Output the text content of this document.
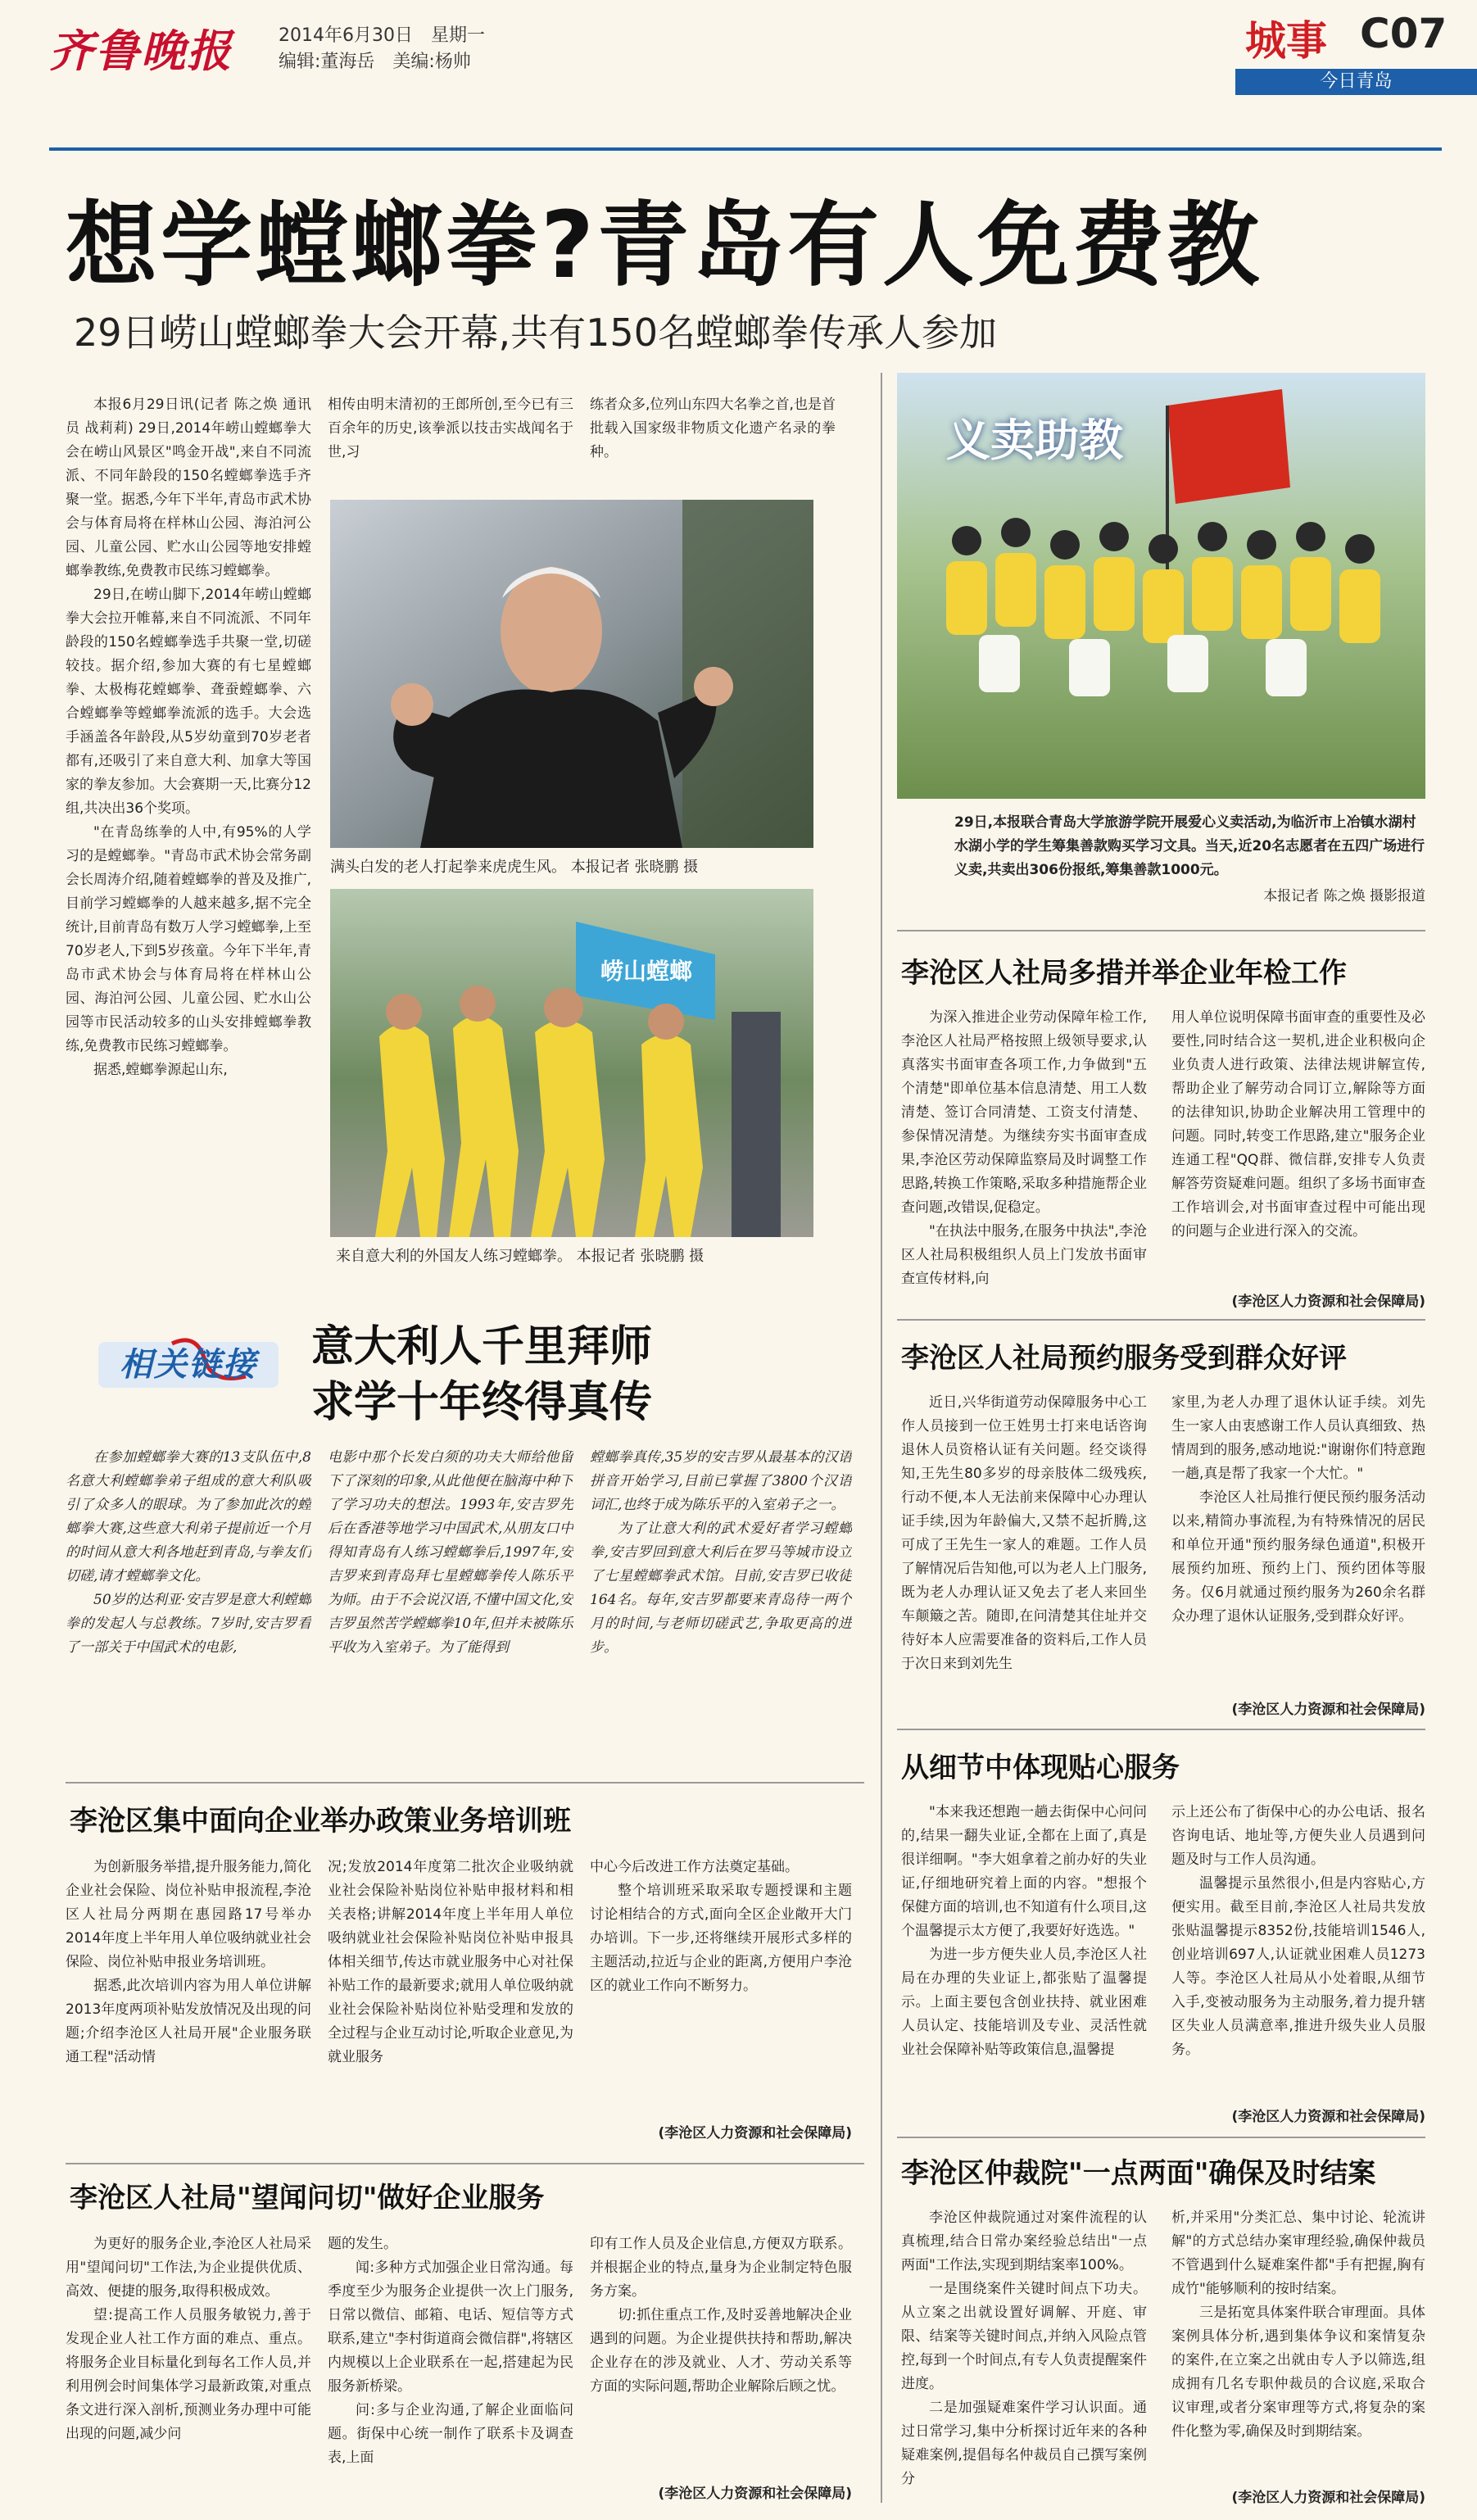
齐鲁晚报	2014年6月30日 星期一
编辑:董海岳 美编:杨帅	城事 C07
今日青岛
想学螳螂拳?青岛有人免费教
29日崂山螳螂拳大会开幕,共有150名螳螂拳传承人参加

本报6月29日讯(记者 陈之焕 通讯员 战莉莉) 29日,2014年崂山螳螂拳大会在崂山风景区"鸣金开战",来自不同流派、不同年龄段的150名螳螂拳选手齐聚一堂。据悉,今年下半年,青岛市武术协会与体育局将在样林山公园、海泊河公园、儿童公园、贮水山公园等地安排螳螂拳教练,免费教市民练习螳螂拳。

29日,在崂山脚下,2014年崂山螳螂拳大会拉开帷幕,来自不同流派、不同年龄段的150名螳螂拳选手共聚一堂,切磋较技。据介绍,参加大赛的有七星螳螂拳、太极梅花螳螂拳、聋蚕螳螂拳、六合螳螂拳等螳螂拳流派的选手。大会选手涵盖各年龄段,从5岁幼童到70岁老者都有,还吸引了来自意大利、加拿大等国家的拳友参加。大会赛期一天,比赛分12组,共决出36个奖项。

"在青岛练拳的人中,有95%的人学习的是螳螂拳。"青岛市武术协会常务副会长周涛介绍,随着螳螂拳的普及及推广,目前学习螳螂拳的人越来越多,据不完全统计,目前青岛有数万人学习螳螂拳,上至70岁老人,下到5岁孩童。今年下半年,青岛市武术协会与体育局将在样林山公园、海泊河公园、儿童公园、贮水山公园等市民活动较多的山头安排螳螂拳教练,免费教市民练习螳螂拳。

据悉,螳螂拳源起山东,

相传由明末清初的王郎所创,至今已有三百余年的历史,该拳派以技击实战闻名于世,习

练者众多,位列山东四大名拳之首,也是首批载入国家级非物质文化遗产名录的拳种。

满头白发的老人打起拳来虎虎生风。 本报记者 张晓鹏 摄
崂山螳螂
来自意大利的外国友人练习螳螂拳。 本报记者 张晓鹏 摄
义卖助教
29日,本报联合青岛大学旅游学院开展爱心义卖活动,为临沂市上冶镇水湖村水湖小学的学生筹集善款购买学习文具。当天,近20名志愿者在五四广场进行义卖,共卖出306份报纸,筹集善款1000元。
本报记者 陈之焕 摄影报道
李沧区人社局多措并举企业年检工作

为深入推进企业劳动保障年检工作,李沧区人社局严格按照上级领导要求,认真落实书面审查各项工作,力争做到"五个清楚"即单位基本信息清楚、用工人数清楚、签订合同清楚、工资支付清楚、参保情况清楚。为继续夯实书面审查成果,李沧区劳动保障监察局及时调整工作思路,转换工作策略,采取多种措施帮企业查问题,改错误,促稳定。

"在执法中服务,在服务中执法",李沧区人社局积极组织人员上门发放书面审查宣传材料,向

用人单位说明保障书面审查的重要性及必要性,同时结合这一契机,进企业积极向企业负责人进行政策、法律法规讲解宣传,帮助企业了解劳动合同订立,解除等方面的法律知识,协助企业解决用工管理中的问题。同时,转变工作思路,建立"服务企业连通工程"QQ群、微信群,安排专人负责解答劳资疑难问题。组织了多场书面审查工作培训会,对书面审查过程中可能出现的问题与企业进行深入的交流。

(李沧区人力资源和社会保障局)
李沧区人社局预约服务受到群众好评

近日,兴华街道劳动保障服务中心工作人员接到一位王姓男士打来电话咨询退休人员资格认证有关问题。经交谈得知,王先生80多岁的母亲肢体二级残疾,行动不便,本人无法前来保障中心办理认证手续,因为年龄偏大,又禁不起折腾,这可成了王先生一家人的难题。工作人员了解情况后告知他,可以为老人上门服务,既为老人办理认证又免去了老人来回坐车颠簸之苦。随即,在问清楚其住址并交待好本人应需要准备的资料后,工作人员于次日来到刘先生

家里,为老人办理了退休认证手续。刘先生一家人由衷感谢工作人员认真细致、热情周到的服务,感动地说:"谢谢你们特意跑一趟,真是帮了我家一个大忙。"

李沧区人社局推行便民预约服务活动以来,精简办事流程,为有特殊情况的居民和单位开通"预约服务绿色通道",积极开展预约加班、预约上门、预约团体等服务。仅6月就通过预约服务为260余名群众办理了退休认证服务,受到群众好评。

(李沧区人力资源和社会保障局)
从细节中体现贴心服务

"本来我还想跑一趟去街保中心问问的,结果一翻失业证,全都在上面了,真是很详细啊。"李大姐拿着之前办好的失业证,仔细地研究着上面的内容。"想报个保健方面的培训,也不知道有什么项目,这个温馨提示太方便了,我要好好选选。"

为进一步方便失业人员,李沧区人社局在办理的失业证上,都张贴了温馨提示。上面主要包含创业扶持、就业困难人员认定、技能培训及专业、灵活性就业社会保障补贴等政策信息,温馨提

示上还公布了街保中心的办公电话、报名咨询电话、地址等,方便失业人员遇到问题及时与工作人员沟通。

温馨提示虽然很小,但是内容贴心,方便实用。截至目前,李沧区人社局共发放张贴温馨提示8352份,技能培训1546人,创业培训697人,认证就业困难人员1273人等。李沧区人社局从小处着眼,从细节入手,变被动服务为主动服务,着力提升辖区失业人员满意率,推进升级失业人员服务。

(李沧区人力资源和社会保障局)
李沧区仲裁院"一点两面"确保及时结案

李沧区仲裁院通过对案件流程的认真梳理,结合日常办案经验总结出"一点两面"工作法,实现到期结案率100%。

一是围绕案件关键时间点下功夫。从立案之出就设置好调解、开庭、审限、结案等关键时间点,并纳入风险点管控,每到一个时间点,有专人负责提醒案件进度。

二是加强疑难案件学习认识面。通过日常学习,集中分析探讨近年来的各种疑难案例,提倡每名仲裁员自己撰写案例分

析,并采用"分类汇总、集中讨论、轮流讲解"的方式总结办案审理经验,确保仲裁员不管遇到什么疑难案件都"手有把握,胸有成竹"能够顺利的按时结案。

三是拓宽具体案件联合审理面。具体案例具体分析,遇到集体争议和案情复杂的案件,在立案之出就由专人予以筛选,组成拥有几名专职仲裁员的合议庭,采取合议审理,或者分案审理等方式,将复杂的案件化整为零,确保及时到期结案。

(李沧区人力资源和社会保障局)
相关链接	意大利人千里拜师
求学十年终得真传

在参加螳螂拳大赛的13支队伍中,8名意大利螳螂拳弟子组成的意大利队吸引了众多人的眼球。为了参加此次的螳螂拳大赛,这些意大利弟子提前近一个月的时间从意大利各地赶到青岛,与拳友们切磋,请才螳螂拳文化。

50岁的达利亚·安吉罗是意大利螳螂拳的发起人与总教练。7岁时,安吉罗看了一部关于中国武术的电影,

电影中那个长发白须的功夫大师给他留下了深刻的印象,从此他便在脑海中种下了学习功夫的想法。1993年,安吉罗先后在香港等地学习中国武术,从朋友口中得知青岛有人练习螳螂拳后,1997年,安吉罗来到青岛拜七星螳螂拳传人陈乐平为师。由于不会说汉语,不懂中国文化,安吉罗虽然苦学螳螂拳10年,但并未被陈乐平收为入室弟子。为了能得到

螳螂拳真传,35岁的安吉罗从最基本的汉语拼音开始学习,目前已掌握了3800个汉语词汇,也终于成为陈乐平的入室弟子之一。

为了让意大利的武术爱好者学习螳螂拳,安吉罗回到意大利后在罗马等城市设立了七星螳螂拳武术馆。目前,安吉罗已收徒164名。每年,安吉罗都要来青岛待一两个月的时间,与老师切磋武艺,争取更高的进步。

李沧区集中面向企业举办政策业务培训班

为创新服务举措,提升服务能力,简化企业社会保险、岗位补贴申报流程,李沧区人社局分两期在惠园路17号举办2014年度上半年用人单位吸纳就业社会保险、岗位补贴申报业务培训班。

据悉,此次培训内容为用人单位讲解2013年度两项补贴发放情况及出现的问题;介绍李沧区人社局开展"企业服务联通工程"活动情

况;发放2014年度第二批次企业吸纳就业社会保险补贴岗位补贴申报材料和相关表格;讲解2014年度上半年用人单位吸纳就业社会保险补贴岗位补贴申报具体相关细节,传达市就业服务中心对社保补贴工作的最新要求;就用人单位吸纳就业社会保险补贴岗位补贴受理和发放的全过程与企业互动讨论,听取企业意见,为就业服务

中心今后改进工作方法奠定基础。

整个培训班采取采取专题授课和主题讨论相结合的方式,面向全区企业敞开大门办培训。下一步,还将继续开展形式多样的主题活动,拉近与企业的距离,方便用户李沧区的就业工作向不断努力。

(李沧区人力资源和社会保障局)
李沧区人社局"望闻问切"做好企业服务

为更好的服务企业,李沧区人社局采用"望闻问切"工作法,为企业提供优质、高效、便捷的服务,取得积极成效。

望:提高工作人员服务敏锐力,善于发现企业人社工作方面的难点、重点。将服务企业目标量化到每名工作人员,并利用例会时间集体学习最新政策,对重点条文进行深入剖析,预测业务办理中可能出现的问题,减少问

题的发生。

闻:多种方式加强企业日常沟通。每季度至少为服务企业提供一次上门服务,日常以微信、邮箱、电话、短信等方式联系,建立"李村街道商会微信群",将辖区内规模以上企业联系在一起,搭建起为民服务新桥梁。

问:多与企业沟通,了解企业面临问题。街保中心统一制作了联系卡及调查表,上面

印有工作人员及企业信息,方便双方联系。并根据企业的特点,量身为企业制定特色服务方案。

切:抓住重点工作,及时妥善地解决企业遇到的问题。为企业提供扶持和帮助,解决企业存在的涉及就业、人才、劳动关系等方面的实际问题,帮助企业解除后顾之忧。

(李沧区人力资源和社会保障局)
